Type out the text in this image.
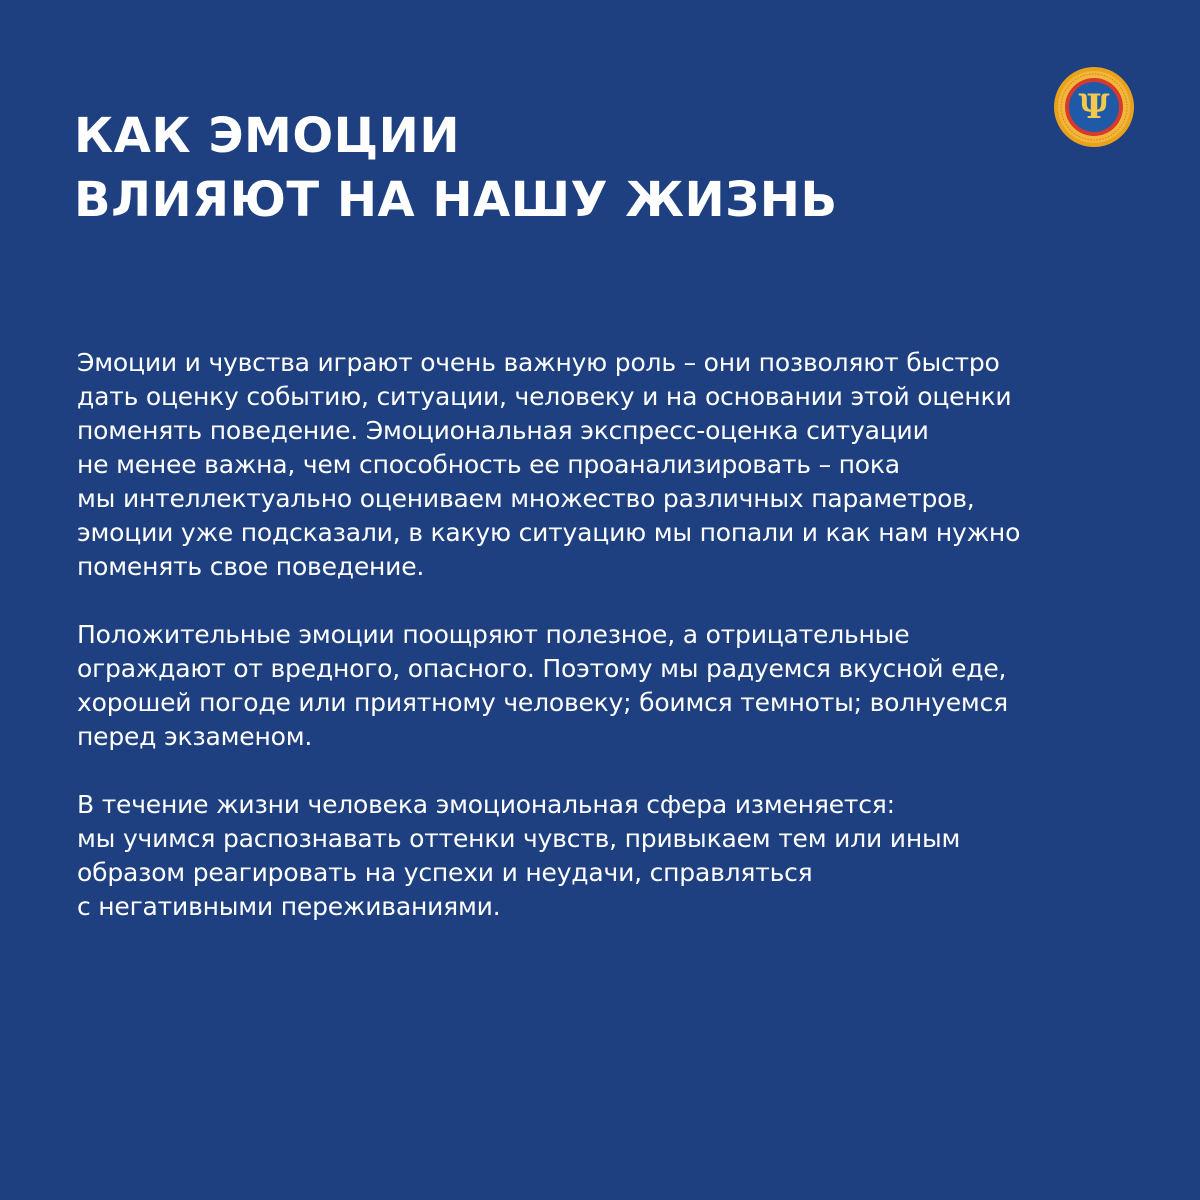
КАК ЭМОЦИИ
ВЛИЯЮТ НА НАШУ ЖИЗНЬ
Ψ

Эмоции и чувства играют очень важную роль – они позволяют быстро
дать оценку событию, ситуации, человеку и на основании этой оценки
поменять поведение. Эмоциональная экспресс-оценка ситуации
не менее важна, чем способность ее проанализировать – пока
мы интеллектуально оцениваем множество различных параметров,
эмоции уже подсказали, в какую ситуацию мы попали и как нам нужно
поменять свое поведение.

Положительные эмоции поощряют полезное, а отрицательные
ограждают от вредного, опасного. Поэтому мы радуемся вкусной еде,
хорошей погоде или приятному человеку; боимся темноты; волнуемся
перед экзаменом.

В течение жизни человека эмоциональная сфера изменяется:
мы учимся распознавать оттенки чувств, привыкаем тем или иным
образом реагировать на успехи и неудачи, справляться
с негативными переживаниями.
